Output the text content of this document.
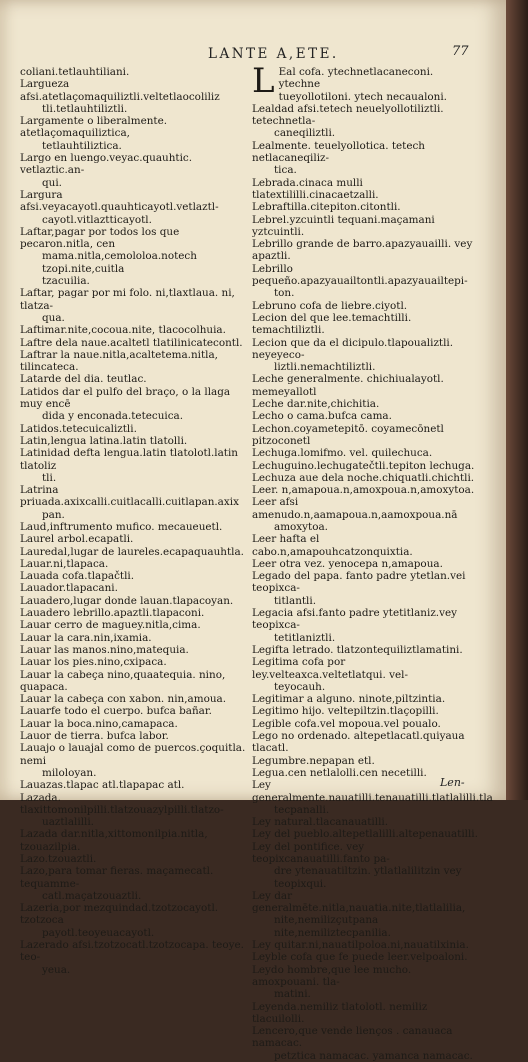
LANTE A,ETE.	77
coliani.tetlauhtiliani.
Largueza afsi.atetlaçomaquiliztli.veltetlaocoliliz

tli.tetlauhtiliztli.
Largamente o liberalmente. atetlaçomaquiliztica,

tetlauhtiliztica.
Largo en luengo.veyac.quauhtic. vetlaztic.an-

qui.
Largura afsi.veyacayotl.quauhticayotl.vetlaztl-

cayotl.vitlaztticayotl.
Laftar,pagar por todos los que pecaron.nitla, cen

mama.nitla,cemololoa.notech tzopi.nite,cuitla
tzacuilia.
Laftar, pagar por mi folo. ni,tlaxtlaua. ni, tlatza-

qua.
Laftimar.nite,cocoua.nite, tlacocolhuia.
Laftre dela naue.acaltetl tlatilinicatecontl.
Laftrar la naue.nitla,acaltetema.nitla, tilincateca.
Latarde del dia. teutlac.
Latidos dar el pulfo del braço, o la llaga muy encē

dida y enconada.tetecuica.
Latidos.tetecuicaliztli.
Latin,lengua latina.latin tlatolli.
Latinidad defta lengua.latin tlatolotl.latin tlatoliz

tli.
Latrina priuada.axixcalli.cuitlacalli.cuitlapan.axix

pan.
Laud,inftrumento mufico. mecaueuetl.
Laurel arbol.ecapatli.
Lauredal,lugar de laureles.ecapaquauhtla.
Lauar.ni,tlapaca.
Lauada cofa.tlapačtli.
Lauador.tlapacani.
Lauadero,lugar donde lauan.tlapacoyan.
Lauadero lebrillo.apaztli.tlapaconi.
Lauar cerro de maguey.nitla,cima.
Lauar la cara.nin,ixamia.
Lauar las manos.nino,matequia.
Lauar los pies.nino,cxipaca.
Lauar la cabeça nino,quaatequia. nino, quapaca.
Lauar la cabeça con xabon. nin,amoua.
Lauarfe todo el cuerpo. bufca bañar.
Lauar la boca.nino,camapaca.
Lauor de tierra. bufca labor.
Lauajo o lauajal como de puercos.çoquitla. nemi

miloloyan.
Lauazas.tlapac atl.tlapapac atl.
Lazada. tlaxittomonilpilli.tlatzouazylpilli.tlatzo-

uaztlalilli.
Lazada dar.nitla,xittomonilpia.nitla, tzouazilpia.
Lazo.tzouaztli.
Lazo,para tomar fieras. maçamecatl. tequamme-

catl.maçatzouaztli.
Lazeria,por mezquindad.tzotzocayotl. tzotzoca

payotl.teoyeuacayotl.
Lazerado afsi.tzotzocatl.tzotzocapa. teoye. teo-

yeua.
L Eal cofa. ytechnetlacaneconi. ytechne

tueyollotiloni. ytech necaualoni.
Lealdad afsi.tetech neuelyollotiliztli. tetechnetla-

caneqiliztli.
Lealmente. teuelyollotica. tetech netlacaneqiliz-

tica.
Lebrada.cinaca mulli tlatextililli.cinacaetzalli.
Lebraftilla.citepiton.citontli.
Lebrel.yzcuintli tequani.maçamani yztcuintli.
Lebrillo grande de barro.apazyauailli. vey apaztli.
Lebrillo pequeño.apazyauailtontli.apazyauailtepi-

ton.
Lebruno cofa de liebre.ciyotl.
Lecion del que lee.temachtilli. temachtiliztli.
Lecion que da el dicipulo.tlapoualiztli. neyeyeco-

liztli.nemachtiliztli.
Leche generalmente. chichiualayotl. memeyallotl
Leche dar.nite,chichitia.
Lecho o cama.bufca cama.
Lechon.coyametepitō. coyamecōnetl pitzoconetl
Lechuga.lomifmo. vel. quilechuca.
Lechuguino.lechugatečtli.tepiton lechuga.
Lechuza aue dela noche.chiquatli.chichtli.
Leer. n,amapoua.n,amoxpoua.n,amoxytoa.
Leer afsi amenudo.n,aamapoua.n,aamoxpoua.nā

amoxytoa.
Leer hafta el cabo.n,amapouhcatzonquixtia.
Leer otra vez. yenocepa n,amapoua.
Legado del papa. fanto padre ytetlan.vei teopixca-

titlantli.
Legacia afsi.fanto padre ytetitlaniz.vey teopixca-

tetitlaniztli.
Legifta letrado. tlatzontequiliztlamatini.
Legitima cofa por ley.velteaxca.veltetlatqui. vel-

teyocauh.
Legitimar a alguno. ninote,piltzintia.
Legitimo hijo. veltepiltzin.tlaçopilli.
Legible cofa.vel mopoua.vel poualo.
Lego no ordenado. altepetlacatl.quiyaua tlacatl.
Legumbre.nepapan etl.
Legua.cen netlalolli.cen necetilli.
Ley generalmente.nauatilli.tenauatilli.tlatlalilli.tla

tecpanalli.
Ley natural.tlacanauatilli.
Ley del pueblo.altepetlalilli.altepenauatilli.
Ley del pontifice. vey teopixcanauatilli.fanto pa-

dre ytenauatiltzin. ytlatlalilitzin vey teopixqui.
Ley dar generalmēte.nitla,nauatia.nite,tlatlalilia,

nite,nemilizçutpana nite,nemiliztecpanilia.
Ley quitar.ni,nauatilpoloa.ni,nauatilxinia.
Leyble cofa que fe puede leer.velpoaloni.
Leydo hombre,que lee mucho. amoxpouani. tla-

matini.
Leyenda.nemiliz tlatolotl. nemiliz tlacuilolli.
Lencero,que vende lienços . canauaca namacac.

petztica namacac. yamanca namacac.
Len-
